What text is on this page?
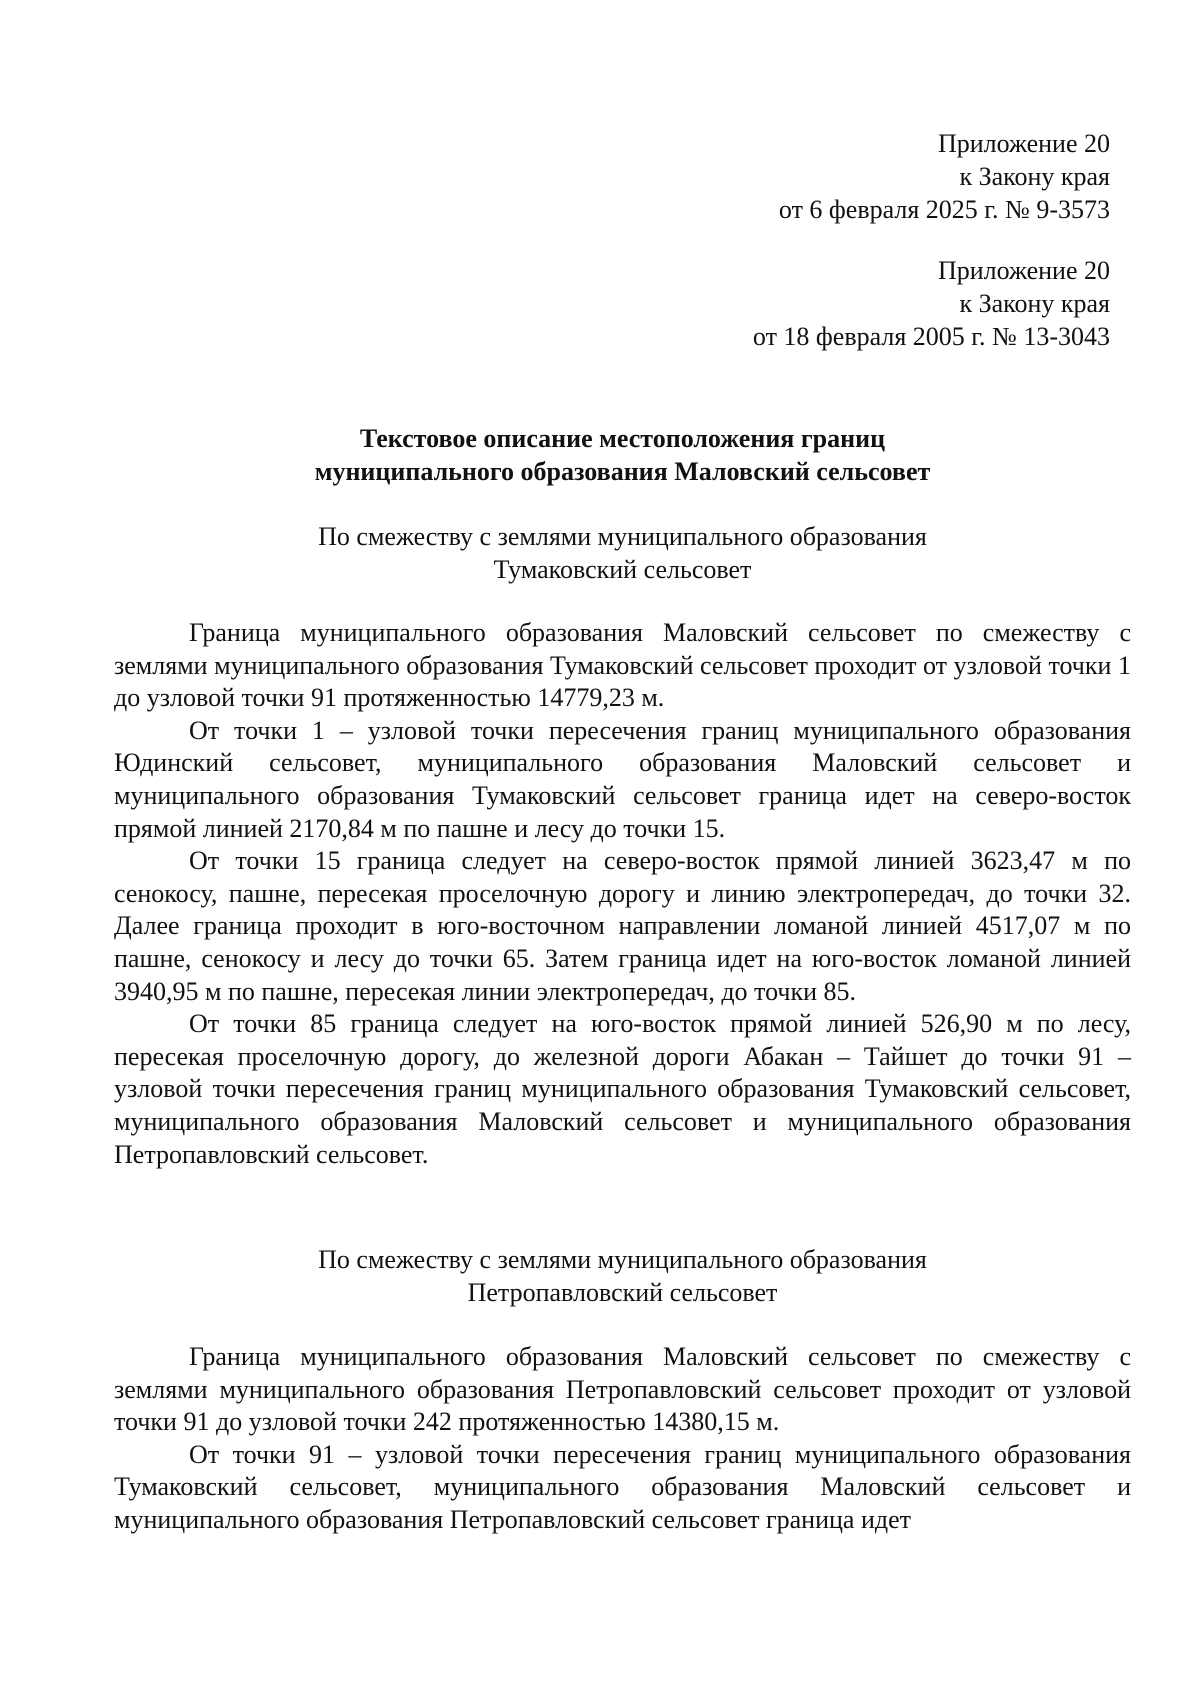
Приложение 20
к Закону края
от 6 февраля 2025 г. № 9-3573
Приложение 20
к Закону края
от 18 февраля 2005 г. № 13-3043
Текстовое описание местоположения границ
муниципального образования Маловский сельсовет
По смежеству с землями муниципального образования
Тумаковский сельсовет

Граница муниципального образования Маловский сельсовет по смежеству с землями муниципального образования Тумаковский сельсовет проходит от узловой точки 1 до узловой точки 91 протяженностью 14779,23 м.

От точки 1 – узловой точки пересечения границ муниципального образования Юдинский сельсовет, муниципального образования Маловский сельсовет и муниципального образования Тумаковский сельсовет граница идет на северо-восток прямой линией 2170,84 м по пашне и лесу до точки 15.

От точки 15 граница следует на северо-восток прямой линией 3623,47 м по сенокосу, пашне, пересекая проселочную дорогу и линию электропередач, до точки 32. Далее граница проходит в юго-восточном направлении ломаной линией 4517,07 м по пашне, сенокосу и лесу до точки 65. Затем граница идет на юго-восток ломаной линией 3940,95 м по пашне, пересекая линии электропередач, до точки 85.

От точки 85 граница следует на юго-восток прямой линией 526,90 м по лесу, пересекая проселочную дорогу, до железной дороги Абакан – Тайшет до точки 91 – узловой точки пересечения границ муниципального образования Тумаковский сельсовет, муниципального образования Маловский сельсовет и муниципального образования Петропавловский сельсовет.

По смежеству с землями муниципального образования
Петропавловский сельсовет

Граница муниципального образования Маловский сельсовет по смежеству с землями муниципального образования Петропавловский сельсовет проходит от узловой точки 91 до узловой точки 242 протяженностью 14380,15 м.

От точки 91 – узловой точки пересечения границ муниципального образования Тумаковский сельсовет, муниципального образования Маловский сельсовет и муниципального образования Петропавловский сельсовет граница идет
